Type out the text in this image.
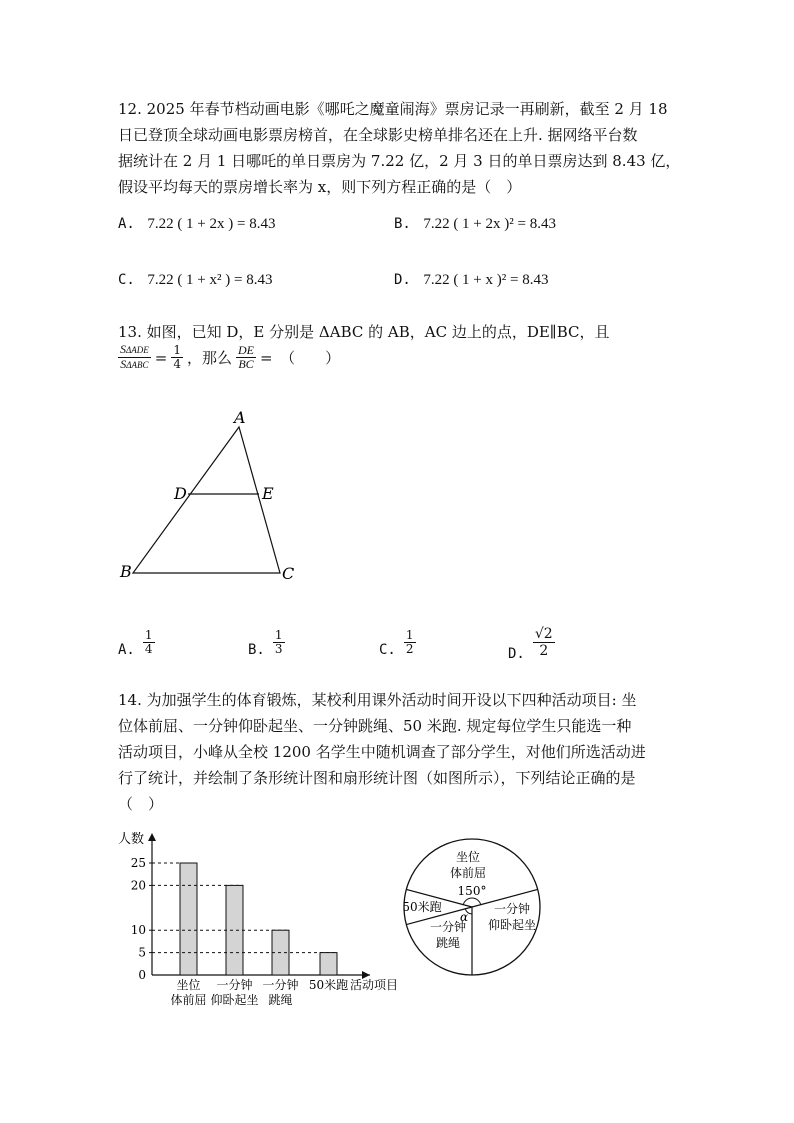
12. 2025 年春节档动画电影《哪吒之魔童闹海》票房记录一再刷新，截至 2 月 18
日已登顶全球动画电影票房榜首，在全球影史榜单排名还在上升. 据网络平台数
据统计在 2 月 1 日哪吒的单日票房为 7.22 亿，2 月 3 日的单日票房达到 8.43 亿，
假设平均每天的票房增长率为 x，则下列方程正确的是（　）
A. 7.22 ( 1 + 2x ) = 8.43	B. 7.22 ( 1 + 2x )² = 8.43
C. 7.22 ( 1 + x² ) = 8.43	D. 7.22 ( 1 + x )² = 8.43
13. 如图，已知 D，E 分别是 ΔABC 的 AB，AC 边上的点，DE∥BC，且
$\frac{\text{SΔADE}}{\text{SΔABC}} = \frac{1}{4}$ ，那么 $\frac{DE}{BC}$ =　（　　）
A
D	E
B	C
A. $\frac{1}{4}$	B. $\frac{1}{3}$	C. $\frac{1}{2}$	D. $\frac{√2}{2}$
14. 为加强学生的体育锻炼，某校利用课外活动时间开设以下四种活动项目: 坐
位体前屈、一分钟仰卧起坐、一分钟跳绳、50 米跑. 规定每位学生只能选一种
活动项目，小峰从全校 1200 名学生中随机调查了部分学生，对他们所选活动进
行了统计，并绘制了条形统计图和扇形统计图（如图所示），下列结论正确的是
（　）
人数
活动项目
0
5
10
20
25
坐位
体前屈
一分钟
仰卧起坐
一分钟
跳绳
50米跑
坐位
体前屈
一分钟
仰卧起坐
一分钟
跳绳
50米跑
150°
α
